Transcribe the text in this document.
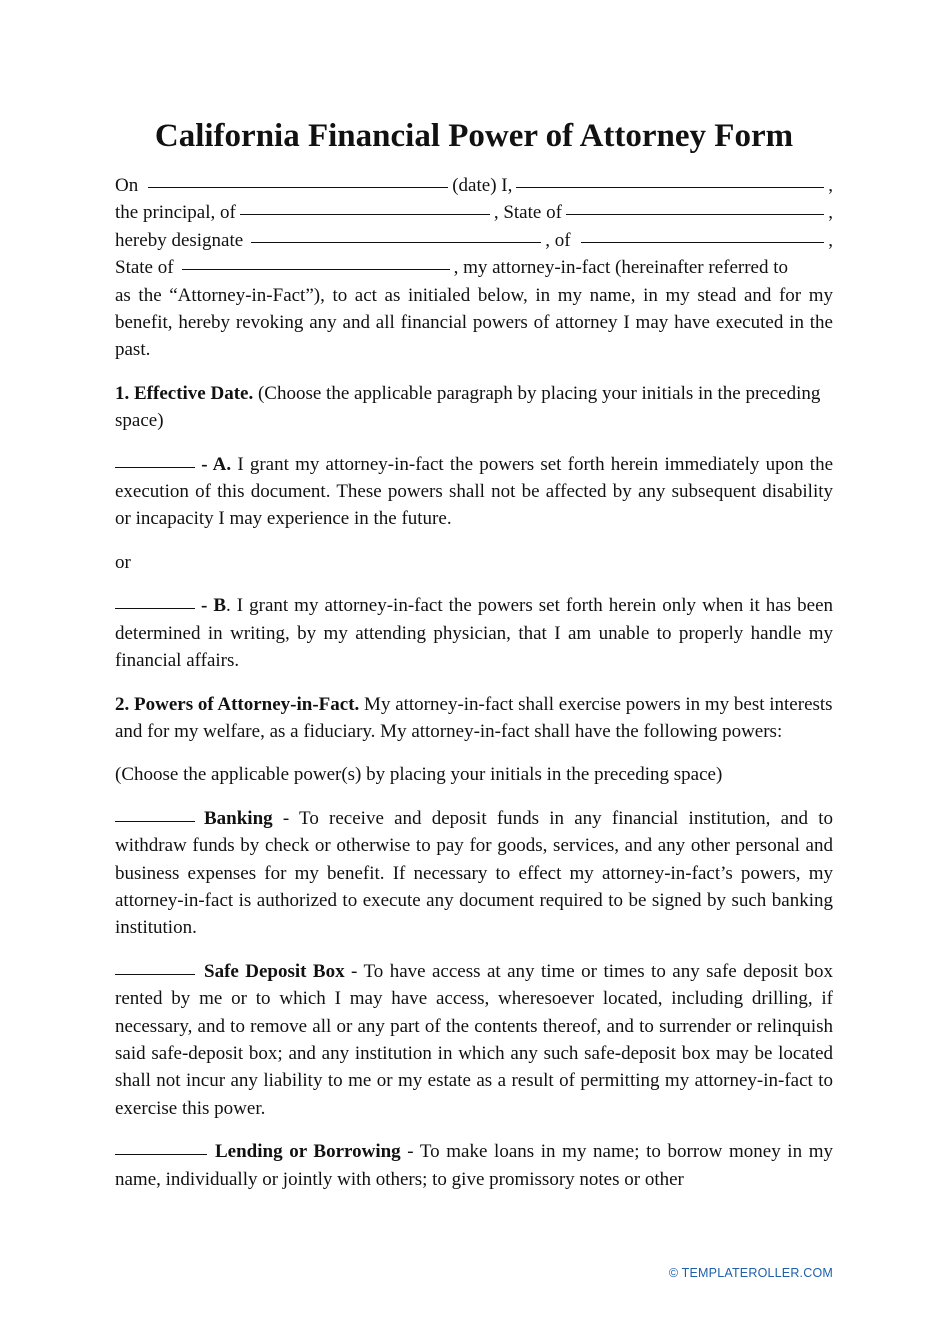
California Financial Power of Attorney Form
On	(date) I,	,
the principal, of	, State of	,
hereby designate	, of	,
State of	, my attorney-in-fact (hereinafter referred to

as the “Attorney-in-Fact”), to act as initialed below, in my name, in my stead and for my benefit, hereby revoking any and all financial powers of attorney I may have executed in the past.

1. Effective Date. (Choose the applicable paragraph by placing your initials in the preceding space)

- A. I grant my attorney-in-fact the powers set forth herein immediately upon the execution of this document. These powers shall not be affected by any subsequent disability or incapacity I may experience in the future.

or

- B. I grant my attorney-in-fact the powers set forth herein only when it has been determined in writing, by my attending physician, that I am unable to properly handle my financial affairs.

2. Powers of Attorney-in-Fact. My attorney-in-fact shall exercise powers in my best interests and for my welfare, as a fiduciary. My attorney-in-fact shall have the following powers:

(Choose the applicable power(s) by placing your initials in the preceding space)

Banking - To receive and deposit funds in any financial institution, and to withdraw funds by check or otherwise to pay for goods, services, and any other personal and business expenses for my benefit. If necessary to effect my attorney-in-fact’s powers, my attorney-in-fact is authorized to execute any document required to be signed by such banking institution.

Safe Deposit Box - To have access at any time or times to any safe deposit box rented by me or to which I may have access, wheresoever located, including drilling, if necessary, and to remove all or any part of the contents thereof, and to surrender or relinquish said safe-deposit box; and any institution in which any such safe-deposit box may be located shall not incur any liability to me or my estate as a result of permitting my attorney-in-fact to exercise this power.

Lending or Borrowing - To make loans in my name; to borrow money in my name, individually or jointly with others; to give promissory notes or other

© TEMPLATEROLLER.COM
